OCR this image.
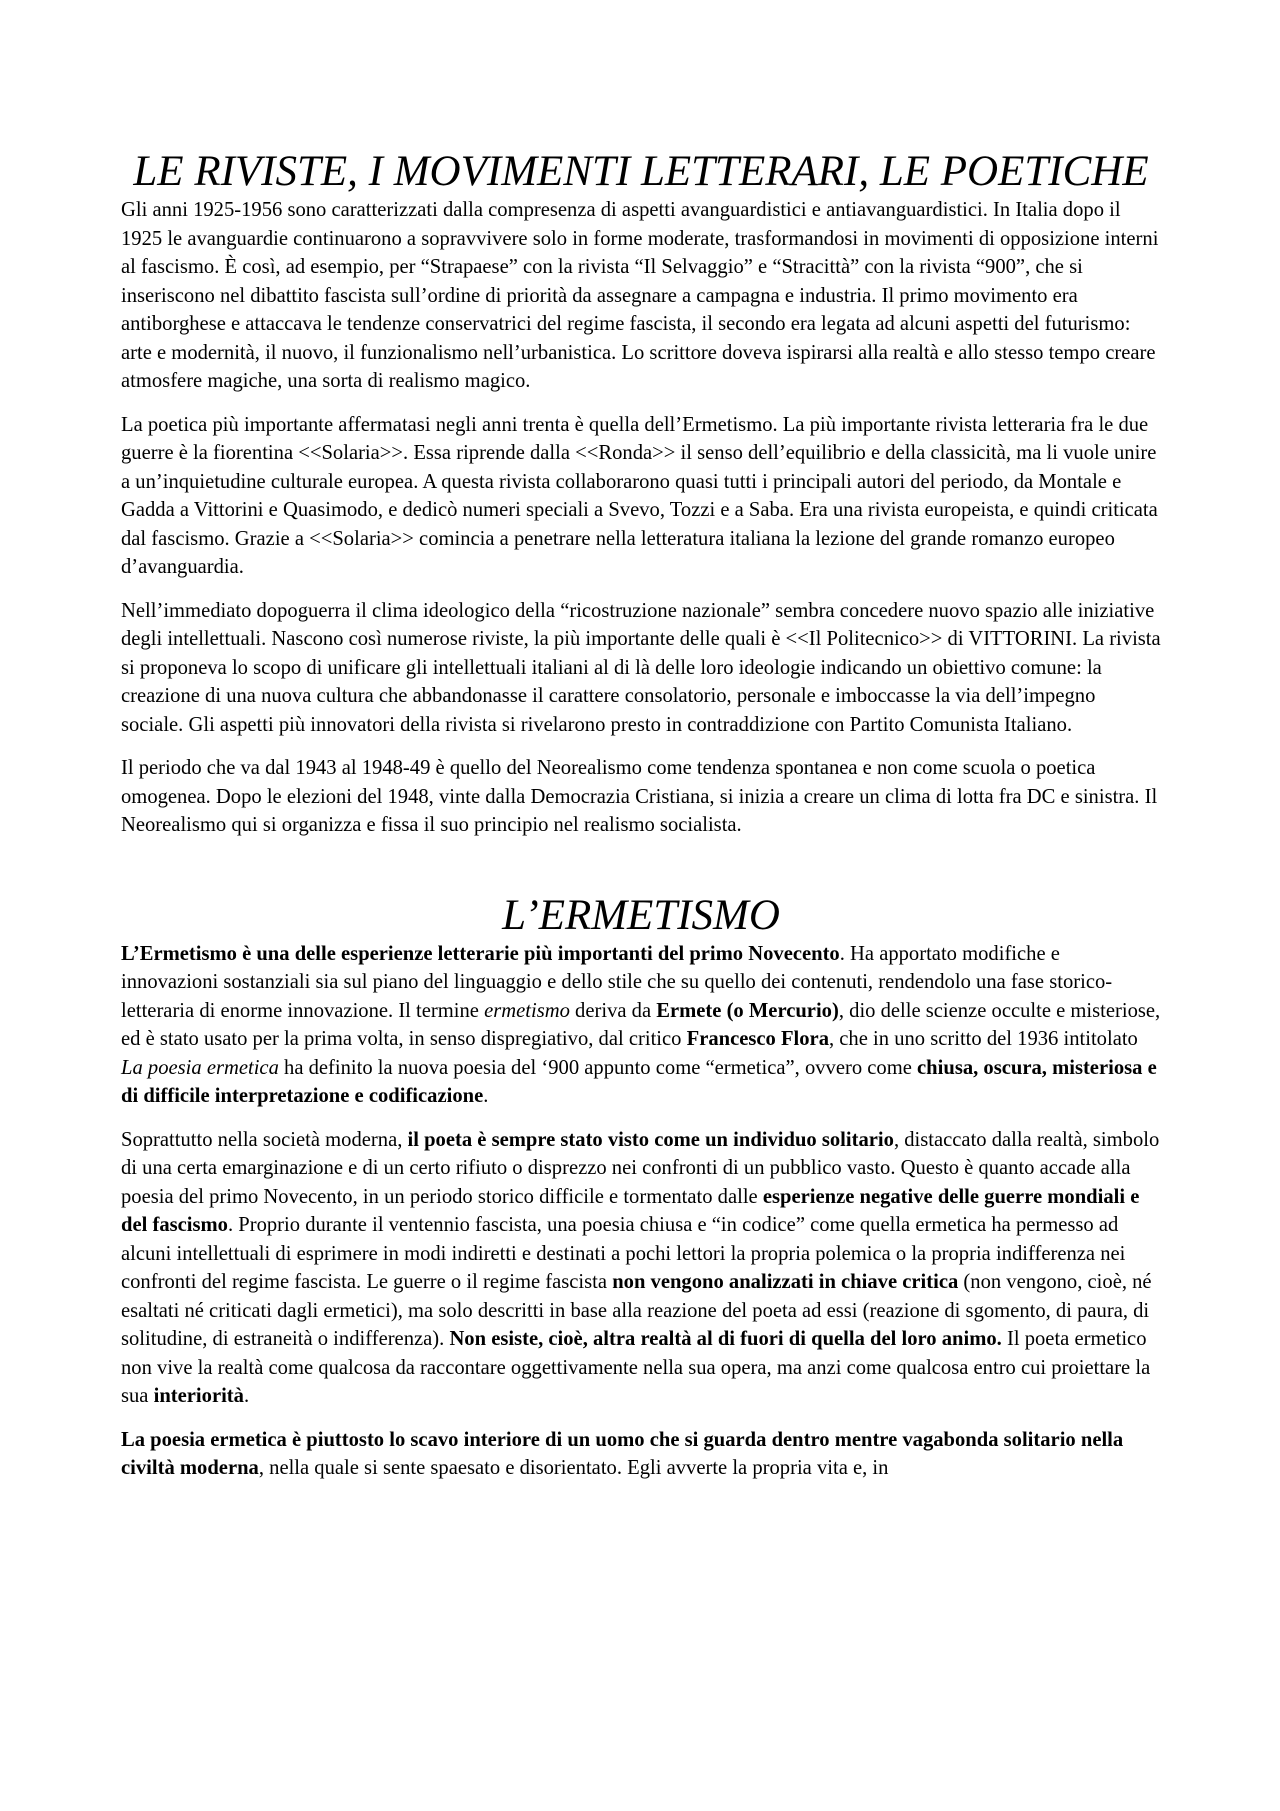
LE RIVISTE, I MOVIMENTI LETTERARI, LE POETICHE

Gli anni 1925-1956 sono caratterizzati dalla compresenza di aspetti avanguardistici e antiavanguardistici. In Italia dopo il 1925 le avanguardie continuarono a sopravvivere solo in forme moderate, trasformandosi in movimenti di opposizione interni al fascismo. È così, ad esempio, per “Strapaese” con la rivista “Il Selvaggio” e “Stracittà” con la rivista “900”, che si inseriscono nel dibattito fascista sull’ordine di priorità da assegnare a campagna e industria. Il primo movimento era antiborghese e attaccava le tendenze conservatrici del regime fascista, il secondo era legata ad alcuni aspetti del futurismo: arte e modernità, il nuovo, il funzionalismo nell’urbanistica. Lo scrittore doveva ispirarsi alla realtà e allo stesso tempo creare atmosfere magiche, una sorta di realismo magico.

La poetica più importante affermatasi negli anni trenta è quella dell’Ermetismo. La più importante rivista letteraria fra le due guerre è la fiorentina <<Solaria>>. Essa riprende dalla <<Ronda>> il senso dell’equilibrio e della classicità, ma li vuole unire a un’inquietudine culturale europea. A questa rivista collaborarono quasi tutti i principali autori del periodo, da Montale e Gadda a Vittorini e Quasimodo, e dedicò numeri speciali a Svevo, Tozzi e a Saba. Era una rivista europeista, e quindi criticata dal fascismo. Grazie a <<Solaria>> comincia a penetrare nella letteratura italiana la lezione del grande romanzo europeo d’avanguardia.

Nell’immediato dopoguerra il clima ideologico della “ricostruzione nazionale” sembra concedere nuovo spazio alle iniziative degli intellettuali. Nascono così numerose riviste, la più importante delle quali è <<Il Politecnico>> di VITTORINI. La rivista si proponeva lo scopo di unificare gli intellettuali italiani al di là delle loro ideologie indicando un obiettivo comune: la creazione di una nuova cultura che abbandonasse il carattere consolatorio, personale e imboccasse la via dell’impegno sociale. Gli aspetti più innovatori della rivista si rivelarono presto in contraddizione con Partito Comunista Italiano.

Il periodo che va dal 1943 al 1948-49 è quello del Neorealismo come tendenza spontanea e non come scuola o poetica omogenea. Dopo le elezioni del 1948, vinte dalla Democrazia Cristiana, si inizia a creare un clima di lotta fra DC e sinistra. Il Neorealismo qui si organizza e fissa il suo principio nel realismo socialista.

L’ERMETISMO

L’Ermetismo è una delle esperienze letterarie più importanti del primo Novecento. Ha apportato modifiche e innovazioni sostanziali sia sul piano del linguaggio e dello stile che su quello dei contenuti, rendendolo una fase storico-letteraria di enorme innovazione. Il termine ermetismo deriva da Ermete (o Mercurio), dio delle scienze occulte e misteriose, ed è stato usato per la prima volta, in senso dispregiativo, dal critico Francesco Flora, che in uno scritto del 1936 intitolato La poesia ermetica ha definito la nuova poesia del ‘900 appunto come “ermetica”, ovvero come chiusa, oscura, misteriosa e di difficile interpretazione e codificazione.

Soprattutto nella società moderna, il poeta è sempre stato visto come un individuo solitario, distaccato dalla realtà, simbolo di una certa emarginazione e di un certo rifiuto o disprezzo nei confronti di un pubblico vasto. Questo è quanto accade alla poesia del primo Novecento, in un periodo storico difficile e tormentato dalle esperienze negative delle guerre mondiali e del fascismo. Proprio durante il ventennio fascista, una poesia chiusa e “in codice” come quella ermetica ha permesso ad alcuni intellettuali di esprimere in modi indiretti e destinati a pochi lettori la propria polemica o la propria indifferenza nei confronti del regime fascista. Le guerre o il regime fascista non vengono analizzati in chiave critica (non vengono, cioè, né esaltati né criticati dagli ermetici), ma solo descritti in base alla reazione del poeta ad essi (reazione di sgomento, di paura, di solitudine, di estraneità o indifferenza). Non esiste, cioè, altra realtà al di fuori di quella del loro animo. Il poeta ermetico non vive la realtà come qualcosa da raccontare oggettivamente nella sua opera, ma anzi come qualcosa entro cui proiettare la sua interiorità.

La poesia ermetica è piuttosto lo scavo interiore di un uomo che si guarda dentro mentre vagabonda solitario nella civiltà moderna, nella quale si sente spaesato e disorientato. Egli avverte la propria vita e, in
